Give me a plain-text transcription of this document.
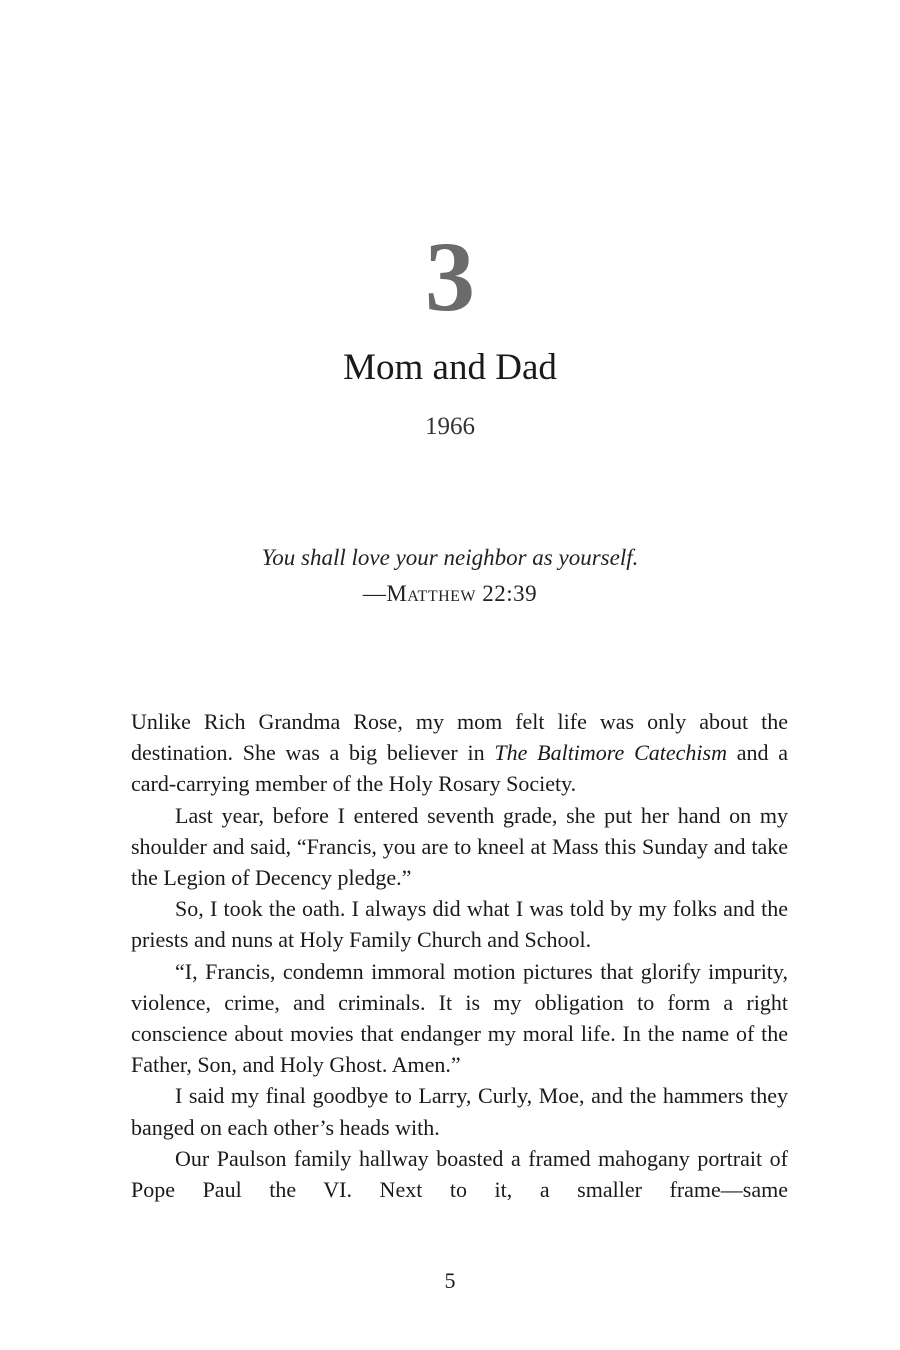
3
Mom and Dad
1966
You shall love your neighbor as yourself.
—Matthew 22:39

Unlike Rich Grandma Rose, my mom felt life was only about the destination. She was a big believer in The Baltimore Catechism and a card-carrying member of the Holy Rosary Society.

Last year, before I entered seventh grade, she put her hand on my shoulder and said, “Francis, you are to kneel at Mass this Sunday and take the Legion of Decency pledge.”

So, I took the oath. I always did what I was told by my folks and the priests and nuns at Holy Family Church and School.

“I, Francis, condemn immoral motion pictures that glorify impurity, violence, crime, and criminals. It is my obligation to form a right conscience about movies that endanger my moral life. In the name of the Father, Son, and Holy Ghost. Amen.”

I said my final goodbye to Larry, Curly, Moe, and the hammers they banged on each other’s heads with.

Our Paulson family hallway boasted a framed mahogany portrait of Pope Paul the VI. Next to it, a smaller frame—same

5
